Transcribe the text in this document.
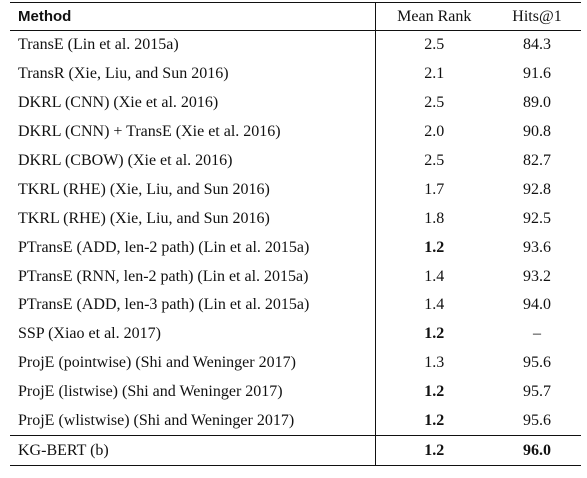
Method	Mean Rank	Hits@1
TransE (Lin et al. 2015a)	2.5	84.3
TransR (Xie, Liu, and Sun 2016)	2.1	91.6
DKRL (CNN) (Xie et al. 2016)	2.5	89.0
DKRL (CNN) + TransE (Xie et al. 2016)	2.0	90.8
DKRL (CBOW) (Xie et al. 2016)	2.5	82.7
TKRL (RHE) (Xie, Liu, and Sun 2016)	1.7	92.8
TKRL (RHE) (Xie, Liu, and Sun 2016)	1.8	92.5
PTransE (ADD, len-2 path) (Lin et al. 2015a)	1.2	93.6
PTransE (RNN, len-2 path) (Lin et al. 2015a)	1.4	93.2
PTransE (ADD, len-3 path) (Lin et al. 2015a)	1.4	94.0
SSP (Xiao et al. 2017)	1.2	–
ProjE (pointwise) (Shi and Weninger 2017)	1.3	95.6
ProjE (listwise) (Shi and Weninger 2017)	1.2	95.7
ProjE (wlistwise) (Shi and Weninger 2017)	1.2	95.6
KG-BERT (b)	1.2	96.0
